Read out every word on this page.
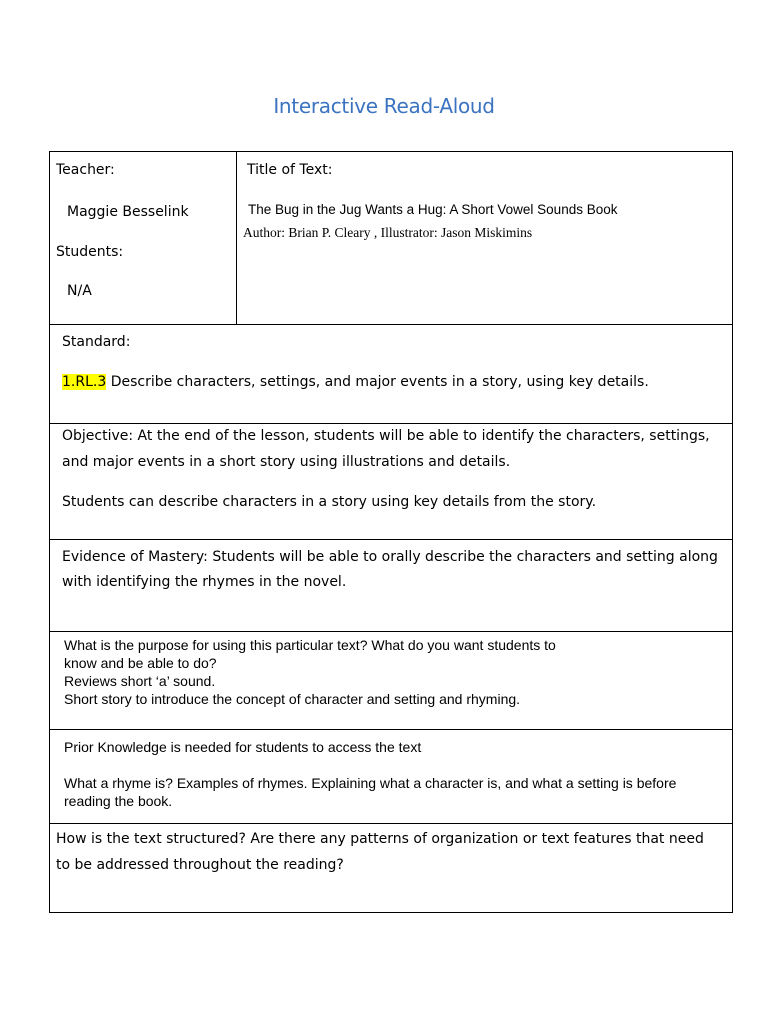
Interactive Read-Aloud
Teacher:
Maggie Besselink
Students:
N/A
Title of Text:
The Bug in the Jug Wants a Hug: A Short Vowel Sounds Book
Author: Brian P. Cleary , Illustrator: Jason Miskimins
Standard:
1.RL.3 Describe characters, settings, and major events in a story, using key details.
Objective: At the end of the lesson, students will be able to identify the characters, settings,
and major events in a short story using illustrations and details.
Students can describe characters in a story using key details from the story.
Evidence of Mastery: Students will be able to orally describe the characters and setting along
with identifying the rhymes in the novel.
What is the purpose for using this particular text? What do you want students to
know and be able to do?
Reviews short ‘a’ sound.
Short story to introduce the concept of character and setting and rhyming.
Prior Knowledge is needed for students to access the text
What a rhyme is? Examples of rhymes. Explaining what a character is, and what a setting is before
reading the book.
How is the text structured? Are there any patterns of organization or text features that need
to be addressed throughout the reading?
